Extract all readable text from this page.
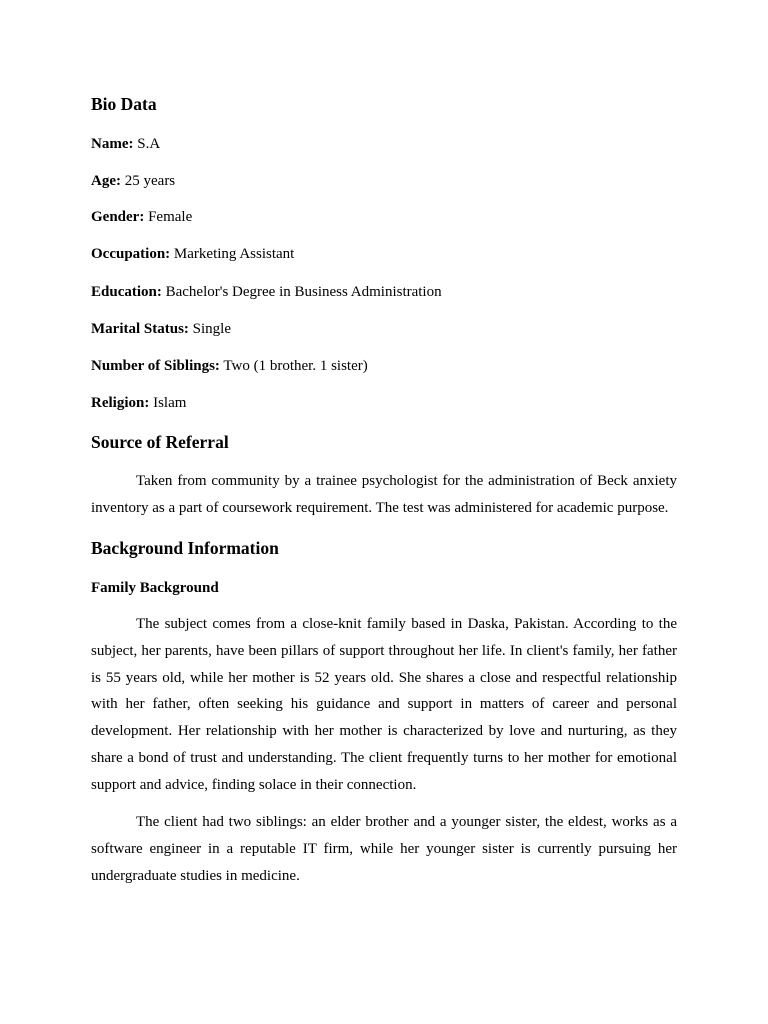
Bio Data
Name: S.A
Age: 25 years
Gender: Female
Occupation: Marketing Assistant
Education: Bachelor's Degree in Business Administration
Marital Status: Single
Number of Siblings: Two (1 brother. 1 sister)
Religion: Islam
Source of Referral

Taken from community by a trainee psychologist for the administration of Beck anxiety inventory as a part of coursework requirement. The test was administered for academic purpose.

Background Information
Family Background

The subject comes from a close-knit family based in Daska, Pakistan. According to the subject, her parents, have been pillars of support throughout her life. In client's family, her father is 55 years old, while her mother is 52 years old. She shares a close and respectful relationship with her father, often seeking his guidance and support in matters of career and personal development. Her relationship with her mother is characterized by love and nurturing, as they share a bond of trust and understanding. The client frequently turns to her mother for emotional support and advice, finding solace in their connection.

The client had two siblings: an elder brother and a younger sister, the eldest, works as a software engineer in a reputable IT firm, while her younger sister is currently pursuing her undergraduate studies in medicine.
